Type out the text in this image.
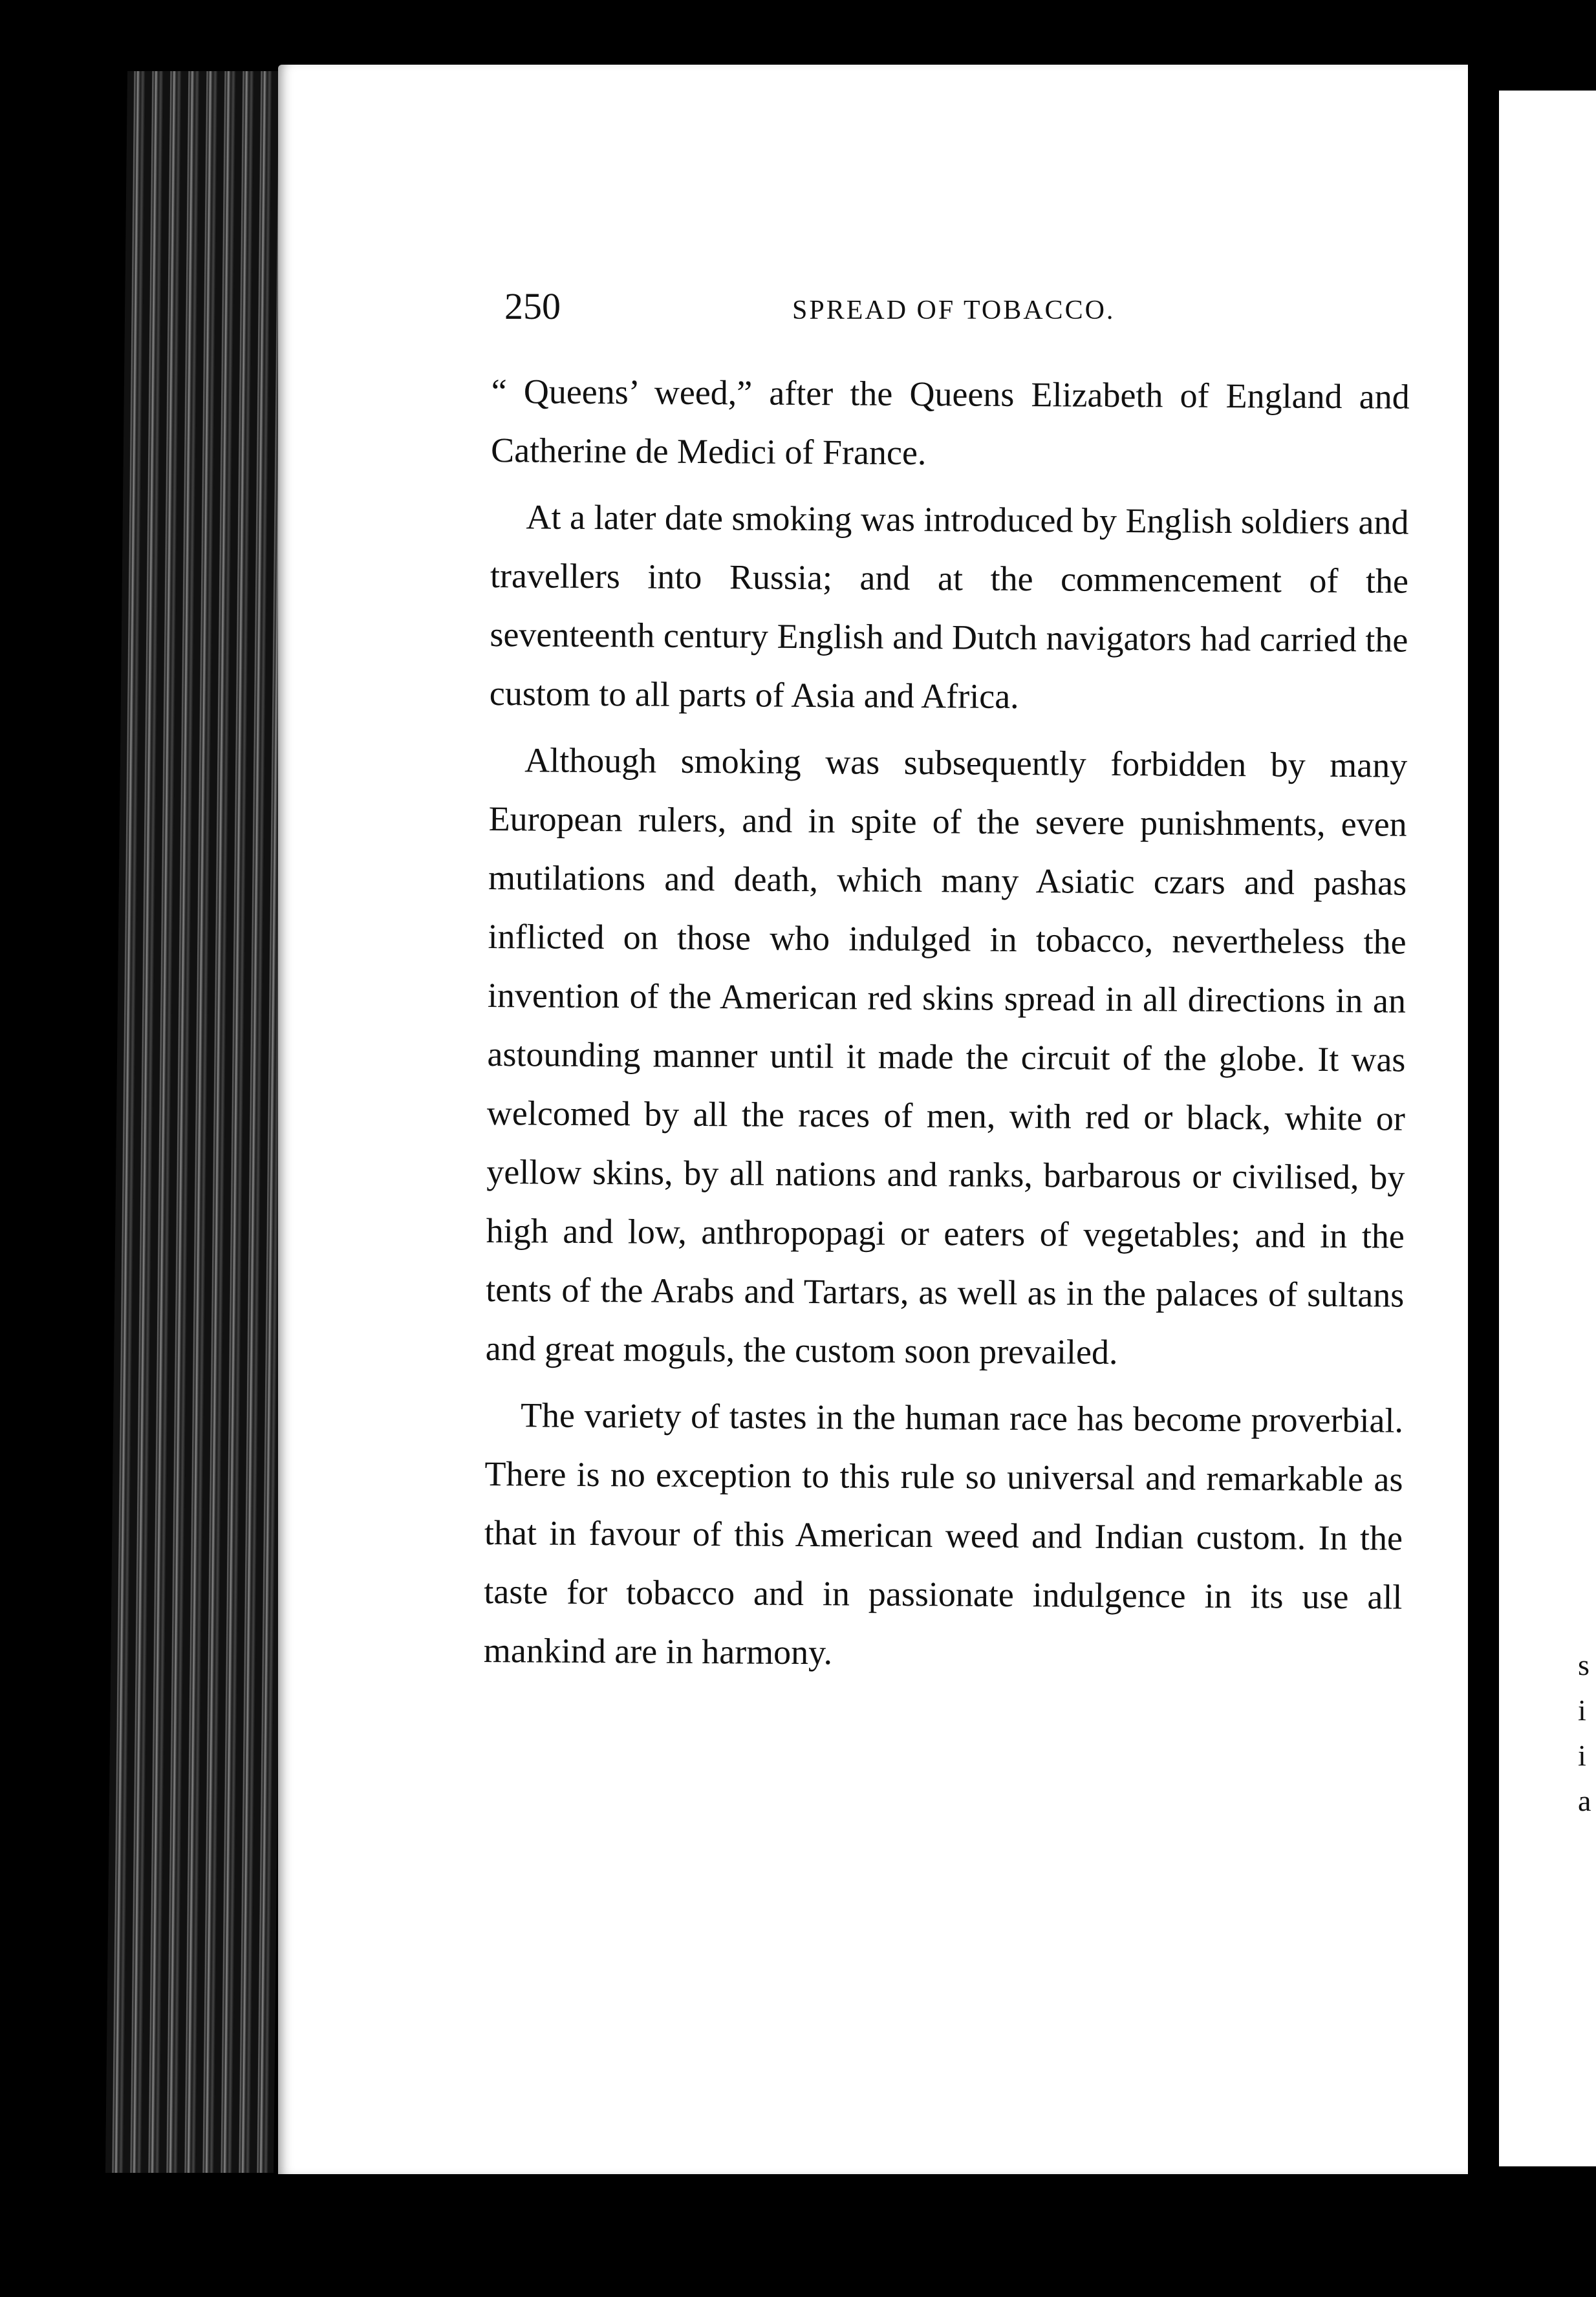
s
i
i
a
250	SPREAD OF TOBACCO.

“ Queens’ weed,” after the Queens Elizabeth of England and Catherine de Medici of France.

At a later date smoking was introduced by English soldiers and travellers into Russia; and at the commencement of the seventeenth century English and Dutch navigators had carried the custom to all parts of Asia and Africa.

Although smoking was subsequently forbidden by many European rulers, and in spite of the severe punishments, even mutilations and death, which many Asiatic czars and pashas inflicted on those who indulged in tobacco, nevertheless the invention of the American red skins spread in all directions in an astounding manner until it made the circuit of the globe. It was welcomed by all the races of men, with red or black, white or yellow skins, by all nations and ranks, barbarous or civilised, by high and low, anthropopagi or eaters of vegetables; and in the tents of the Arabs and Tartars, as well as in the palaces of sultans and great moguls, the custom soon prevailed.

The variety of tastes in the human race has become proverbial. There is no exception to this rule so universal and remarkable as that in favour of this American weed and Indian custom. In the taste for tobacco and in passionate indulgence in its use all mankind are in harmony.
